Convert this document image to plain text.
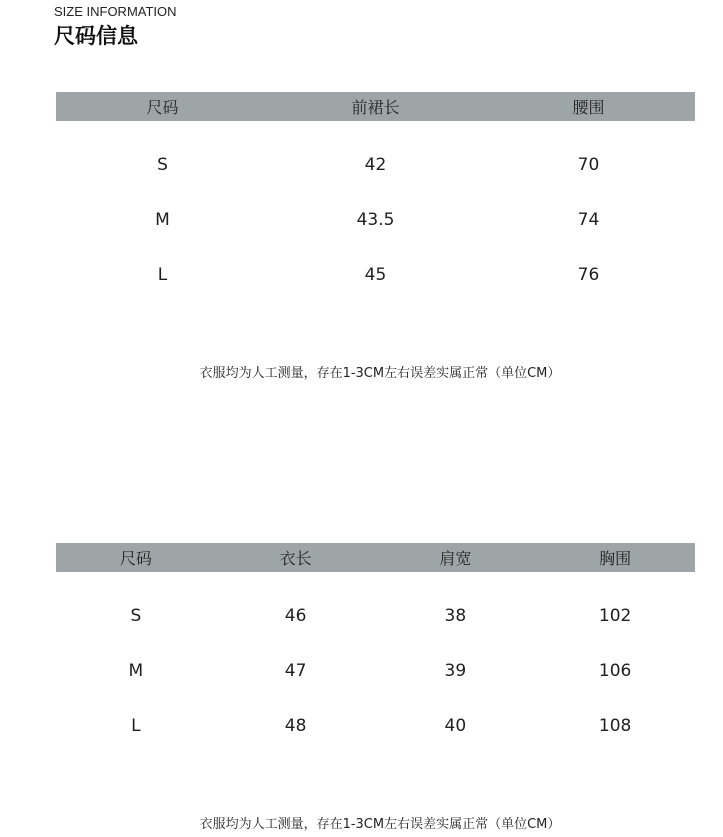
SIZE INFORMATION
尺码信息
尺码	前裙长	腰围
S	42	70
M	43.5	74
L	45	76
衣服均为人工测量，存在1-3CM左右误差实属正常（单位CM）
尺码	衣长	肩宽	胸围
S	46	38	102
M	47	39	106
L	48	40	108
衣服均为人工测量，存在1-3CM左右误差实属正常（单位CM）
